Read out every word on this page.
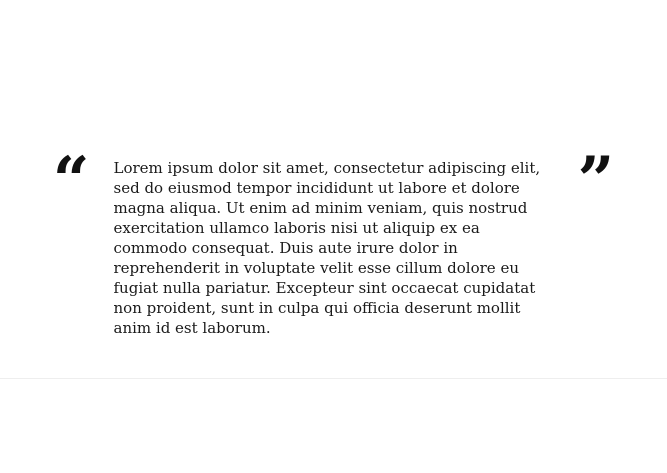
“ Lorem ipsum dolor sit amet, consectetur adipiscing elit, sed do eiusmod tempor incididunt ut labore et dolore magna aliqua. Ut enim ad minim veniam, quis nostrud exercitation ullamco laboris nisi ut aliquip ex ea commodo consequat. Duis aute irure dolor in reprehenderit in voluptate velit esse cillum dolore eu fugiat nulla pariatur. Excepteur sint occaecat cupidatat non proident, sunt in culpa qui officia deserunt mollit anim id est laborum.

”
